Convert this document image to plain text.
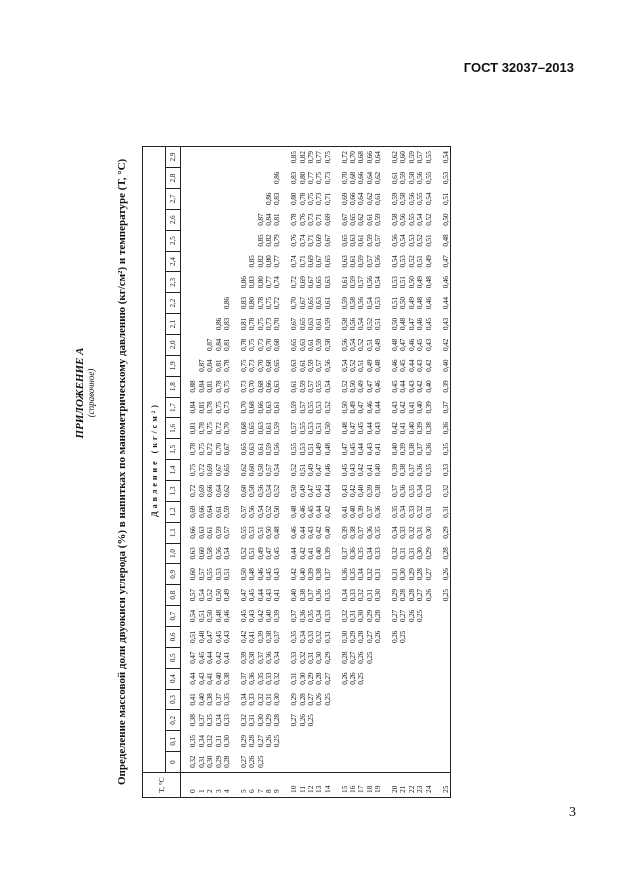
ГОСТ 32037–2013
ПРИЛОЖЕНИЕ А (справочное) Определение массовой доли двуокиси углерода (%) в напитках по манометрическому давлению (кг/см²) и температуре (Т, °С)
Т, °С	Давление (кг/см²)																													
	0	0,1	0,2	0,3	0,4	0,5	0,6	0,7	0,8	0,9	1,0	1,1	1,2	1,3	1,4	1,5	1,6	1,7	1,8	1,9	2,0	2,1	2,2	2,3	2,4	2,5	2,6	2,7	2,8	2,9

0	0,32	0,35	0,38	0,41	0,44	0,47	0,51	0,54	0,57	0,60	0,63	0,66	0,69	0,72	0,75	0,78	0,81	0,84	0,88											
1	0,31	0,34	0,37	0,40	0,43	0,45	0,48	0,51	0,54	0,57	0,60	0,63	0,66	0,69	0,72	0,75	0,78	0,81	0,84	0,87										
2	0,30	0,32	0,35	0,38	0,41	0,44	0,47	0,50	0,52	0,55	0,58	0,61	0,64	0,66	0,69	0,72	0,75	0,78	0,81	0,84	0,87									
3	0,29	0,31	0,34	0,37	0,40	0,42	0,45	0,48	0,50	0,53	0,56	0,59	0,61	0,64	0,67	0,70	0,72	0,75	0,78	0,81	0,84	0,86								
4	0,28	0,30	0,33	0,35	0,38	0,41	0,43	0,46	0,49	0,51	0,54	0,57	0,59	0,62	0,65	0,67	0,70	0,73	0,75	0,78	0,81	0,83	0,86							

5	0,27	0,29	0,32	0,34	0,37	0,39	0,42	0,45	0,47	0,50	0,52	0,55	0,57	0,60	0,62	0,65	0,68	0,70	0,73	0,75	0,78	0,81	0,83	0,86						
6	0,26	0,28	0,31	0,33	0,36	0,38	0,41	0,43	0,45	0,48	0,51	0,53	0,56	0,58	0,60	0,63	0,65	0,68	0,70	0,73	0,75	0,78	0,80	0,83	0,85					
7	0,25	0,27	0,30	0,32	0,35	0,37	0,39	0,42	0,44	0,46	0,49	0,51	0,54	0,56	0,58	0,61	0,63	0,66	0,68	0,70	0,73	0,75	0,78	0,80	0,82	0,85	0,87			
8		0,26	0,29	0,31	0,33	0,36	0,38	0,40	0,43	0,45	0,47	0,50	0,52	0,54	0,57	0,59	0,61	0,63	0,66	0,68	0,70	0,73	0,75	0,77	0,80	0,82	0,84	0,86		
9		0,25	0,28	0,30	0,32	0,34	0,37	0,39	0,41	0,43	0,45	0,48	0,50	0,52	0,54	0,56	0,59	0,61	0,63	0,65	0,68	0,70	0,72	0,74	0,77	0,79	0,81	0,83	0,86	

10			0,27	0,29	0,31	0,33	0,35	0,37	0,40	0,42	0,44	0,46	0,48	0,50	0,52	0,55	0,57	0,59	0,61	0,63	0,65	0,67	0,70	0,72	0,74	0,76	0,78	0,80	0,83	0,85
11			0,26	0,28	0,30	0,32	0,34	0,36	0,38	0,40	0,42	0,44	0,46	0,49	0,51	0,53	0,55	0,57	0,59	0,61	0,63	0,65	0,67	0,69	0,71	0,74	0,76	0,78	0,80	0,82
12			0,25	0,27	0,29	0,31	0,33	0,35	0,37	0,39	0,41	0,43	0,45	0,47	0,49	0,51	0,53	0,55	0,57	0,59	0,61	0,63	0,65	0,67	0,69	0,71	0,73	0,75	0,77	0,79
13				0,26	0,28	0,30	0,32	0,34	0,36	0,38	0,40	0,42	0,44	0,45	0,47	0,49	0,51	0,53	0,55	0,57	0,59	0,61	0,63	0,65	0,67	0,69	0,71	0,73	0,75	0,77
14				0,25	0,27	0,29	0,31	0,33	0,35	0,37	0,39	0,40	0,42	0,44	0,46	0,48	0,50	0,52	0,54	0,56	0,58	0,59	0,61	0,63	0,65	0,67	0,69	0,71	0,73	0,75

15					0,26	0,28	0,30	0,32	0,34	0,36	0,37	0,39	0,41	0,43	0,45	0,47	0,48	0,50	0,52	0,54	0,56	0,58	0,59	0,61	0,63	0,65	0,67	0,69	0,70	0,72
16					0,26	0,27	0,29	0,31	0,33	0,35	0,36	0,38	0,40	0,42	0,43	0,45	0,47	0,49	0,50	0,52	0,54	0,56	0,58	0,59	0,61	0,63	0,65	0,66	0,68	0,70
17					0,25	0,26	0,28	0,30	0,32	0,34	0,35	0,37	0,39	0,40	0,42	0,44	0,45	0,47	0,49	0,51	0,52	0,54	0,56	0,57	0,59	0,61	0,62	0,64	0,66	0,68
18						0,25	0,27	0,29	0,31	0,32	0,34	0,36	0,37	0,39	0,41	0,43	0,44	0,46	0,47	0,49	0,51	0,52	0,54	0,56	0,57	0,59	0,61	0,62	0,64	0,66
19							0,26	0,28	0,30	0,31	0,33	0,35	0,36	0,38	0,40	0,41	0,43	0,44	0,46	0,48	0,49	0,51	0,53	0,54	0,56	0,57	0,59	0,61	0,62	0,64

20							0,26	0,27	0,29	0,31	0,32	0,34	0,35	0,37	0,39	0,40	0,42	0,43	0,45	0,46	0,48	0,50	0,51	0,53	0,54	0,56	0,58	0,59	0,61	0,62
21							0,25	0,27	0,28	0,30	0,31	0,33	0,34	0,36	0,38	0,39	0,41	0,42	0,44	0,45	0,47	0,48	0,50	0,51	0,53	0,54	0,56	0,58	0,59	0,60
22								0,26	0,28	0,29	0,31	0,32	0,33	0,35	0,37	0,38	0,40	0,41	0,43	0,44	0,46	0,47	0,49	0,50	0,52	0,53	0,55	0,56	0,58	0,59
23								0,25	0,27	0,28	0,30	0,31	0,32	0,34	0,36	0,37	0,39	0,40	0,42	0,43	0,45	0,46	0,48	0,49	0,51	0,52	0,54	0,55	0,56	0,57
24									0,26	0,27	0,29	0,30	0,31	0,33	0,35	0,36	0,38	0,39	0,40	0,42	0,43	0,45	0,46	0,48	0,49	0,51	0,52	0,54	0,55	0,55

25									0,25	0,26	0,28	0,29	0,31	0,32	0,33	0,35	0,36	0,37	0,39	0,40	0,42	0,43	0,44	0,46	0,47	0,48	0,50	0,51	0,53	0,54
3
